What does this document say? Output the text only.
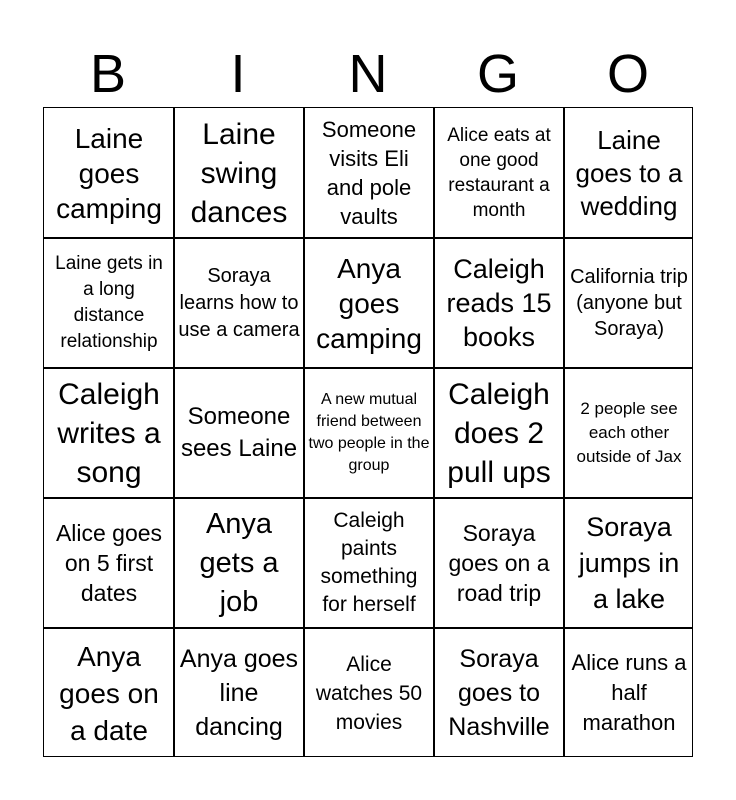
B	I	N	G	O
Laine goes camping
Laine swing dances
Someone visits Eli and pole vaults
Alice eats at one good restaurant a month
Laine goes to a wedding
Laine gets in a long distance relationship
Soraya learns how to use a camera
Anya goes camping
Caleigh reads 15 books
California trip (anyone but Soraya)
Caleigh writes a song
Someone sees Laine
A new mutual friend between two people in the group
Caleigh does 2 pull ups
2 people see each other outside of Jax
Alice goes on 5 first dates
Anya gets a job
Caleigh paints something for herself
Soraya goes on a road trip
Soraya jumps in a lake
Anya goes on a date
Anya goes line dancing
Alice watches 50 movies
Soraya goes to Nashville
Alice runs a half marathon
